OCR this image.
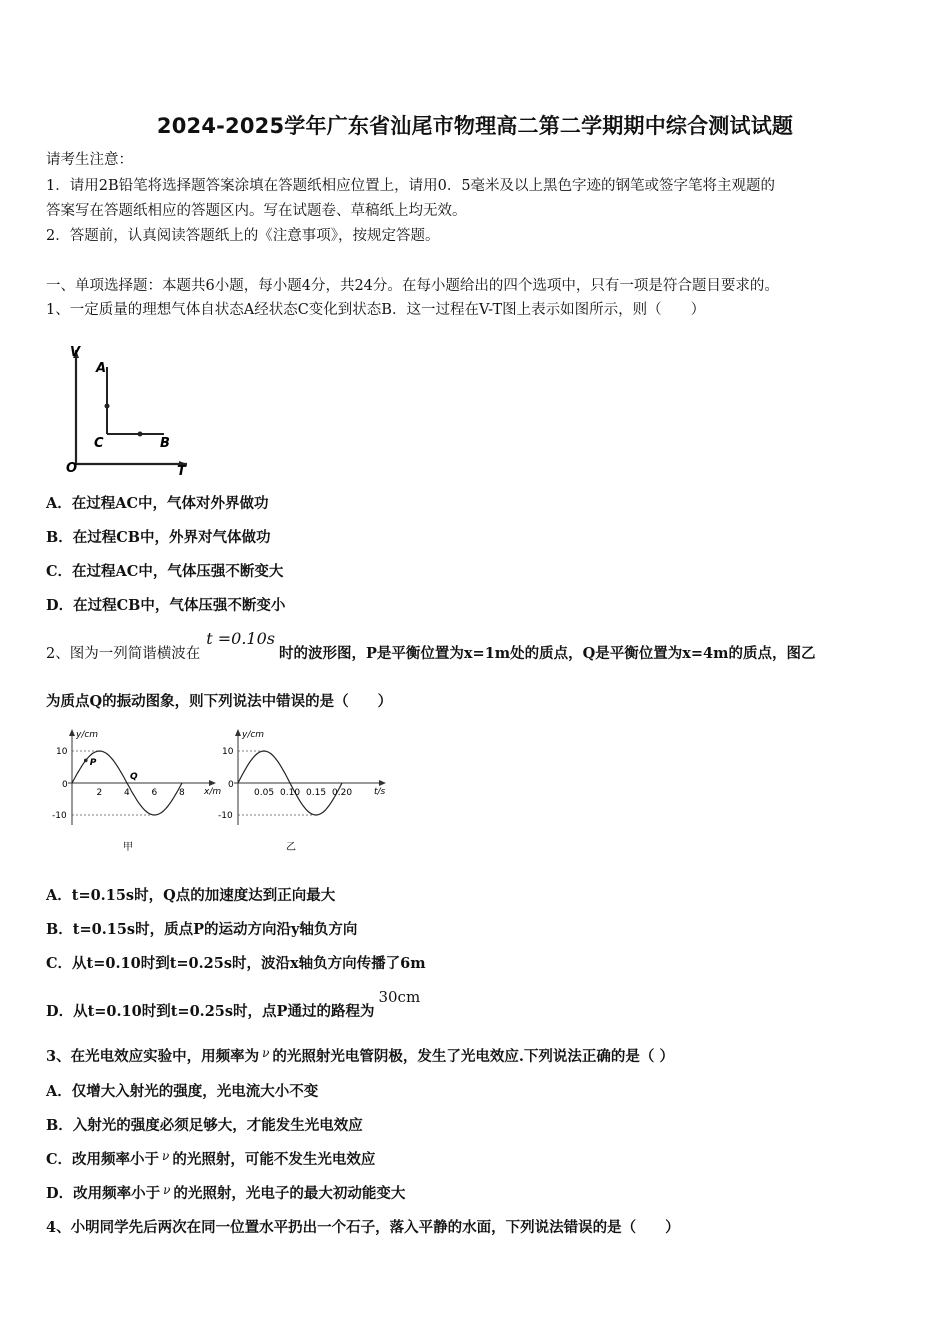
2024-2025学年广东省汕尾市物理高二第二学期期中综合测试试题
请考生注意：
1．请用2B铅笔将选择题答案涂填在答题纸相应位置上，请用0．5毫米及以上黑色字迹的钢笔或签字笔将主观题的
答案写在答题纸相应的答题区内。写在试题卷、草稿纸上均无效。
2．答题前，认真阅读答题纸上的《注意事项》，按规定答题。
一、单项选择题：本题共6小题，每小题4分，共24分。在每小题给出的四个选项中，只有一项是符合题目要求的。
1、一定质量的理想气体自状态A经状态C变化到状态B．这一过程在V-T图上表示如图所示，则（　　）
V
A
C	B
O	T
A．在过程AC中，气体对外界做功
B．在过程CB中，外界对气体做功
C．在过程AC中，气体压强不断变大
D．在过程CB中，气体压强不断变小
2、图为一列简谐横波在t =0.10s时的波形图，P是平衡位置为x=1m处的质点，Q是平衡位置为x=4m的质点，图乙
为质点Q的振动图象，则下列说法中错误的是（　　）
y/cm
x/m
10
-10
甲
0
2 4 6 8
P
Q
y/cm
t/s
10
-10
乙
0
0.05 0.10 0.15 0.20
A．t=0.15s时，Q点的加速度达到正向最大
B．t=0.15s时，质点P的运动方向沿y轴负方向
C．从t=0.10时到t=0.25s时，波沿x轴负方向传播了6m
D．从t=0.10时到t=0.25s时，点P通过的路程为30cm
3、在光电效应实验中，用频率为 $^\nu$ 的光照射光电管阴极，发生了光电效应.下列说法正确的是（ ）
A．仅增大入射光的强度，光电流大小不变
B．入射光的强度必须足够大，才能发生光电效应
C．改用频率小于 $^\nu$ 的光照射，可能不发生光电效应
D．改用频率小于 $^\nu$ 的光照射，光电子的最大初动能变大
4、小明同学先后两次在同一位置水平扔出一个石子，落入平静的水面，下列说法错误的是（　　）
